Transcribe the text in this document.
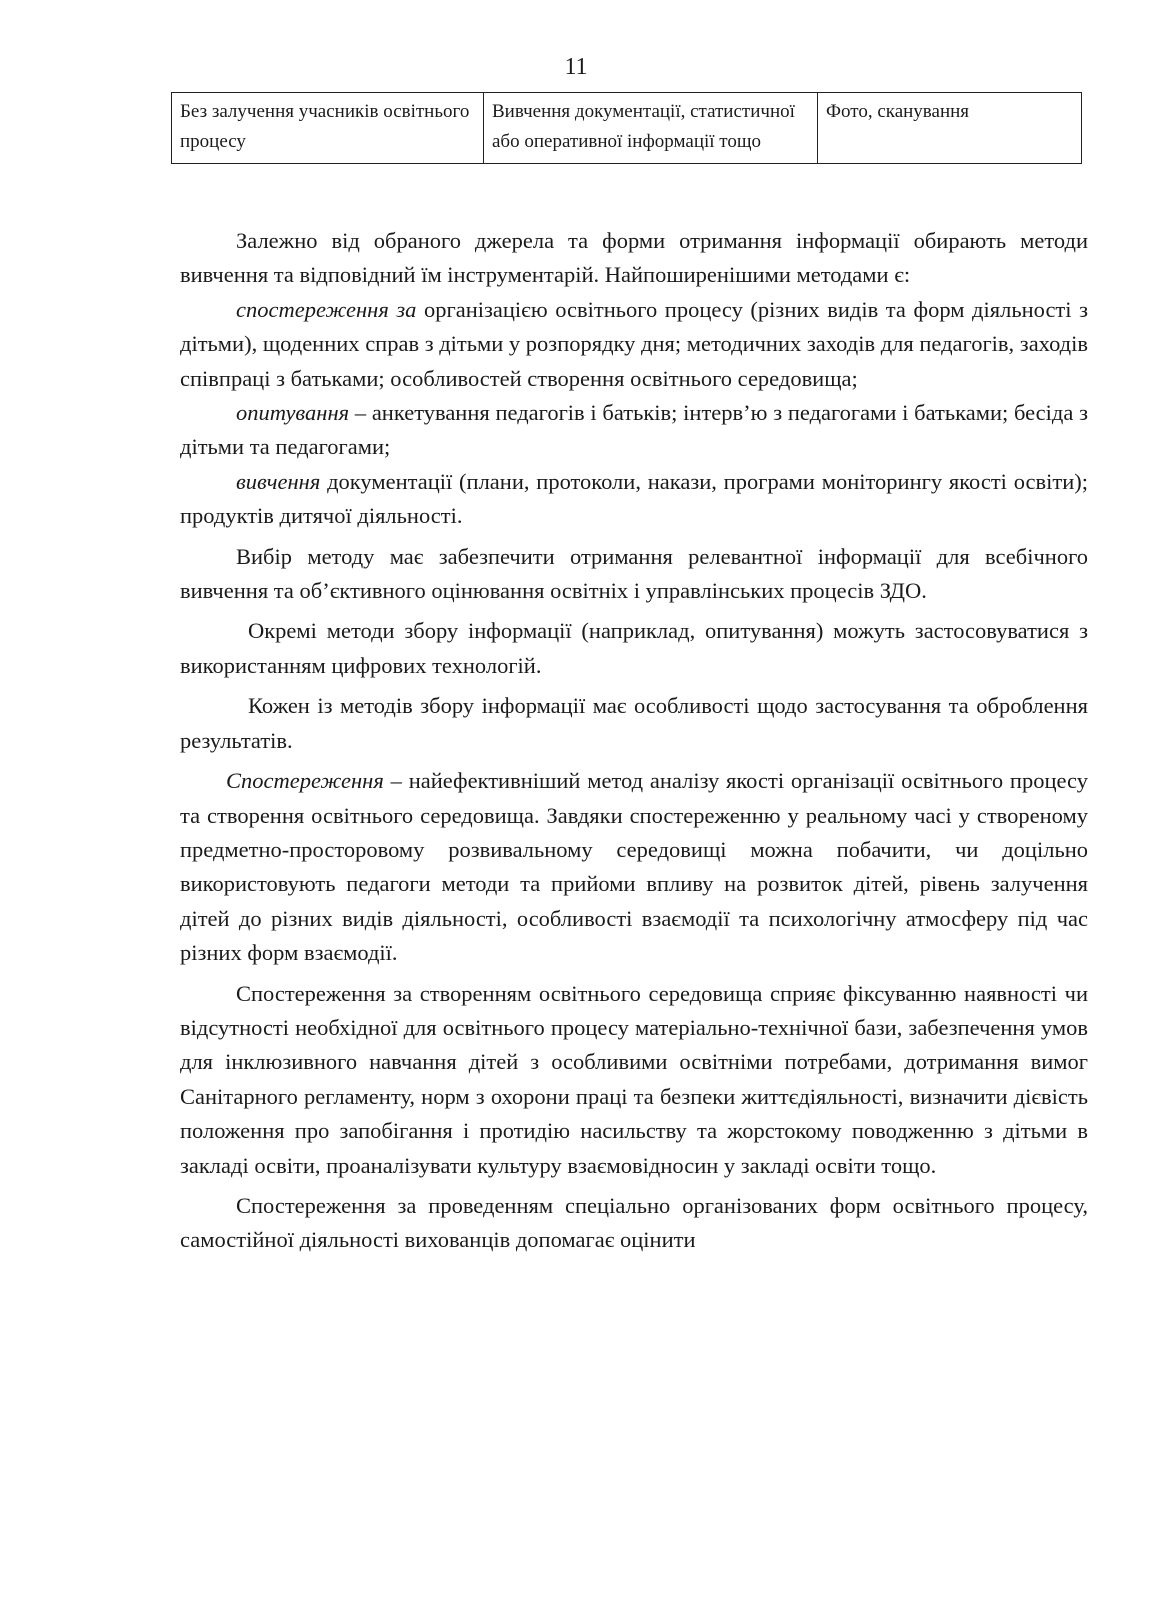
11
Без залучення учасників освітнього процесу	Вивчення документації, статистичної або оперативної інформації тощо	Фото, сканування

Залежно від обраного джерела та форми отримання інформації обирають методи вивчення та відповідний їм інструментарій. Найпоширенішими методами є:

спостереження за організацією освітнього процесу (різних видів та форм діяльності з дітьми), щоденних справ з дітьми у розпорядку дня; методичних заходів для педагогів, заходів співпраці з батьками; особливостей створення освітнього середовища;

опитування – анкетування педагогів і батьків; інтерв’ю з педагогами і батьками; бесіда з дітьми та педагогами;

вивчення документації (плани, протоколи, накази, програми моніторингу якості освіти); продуктів дитячої діяльності.

Вибір методу має забезпечити отримання релевантної інформації для всебічного вивчення та об’єктивного оцінювання освітніх і управлінських процесів ЗДО.

Окремі методи збору інформації (наприклад, опитування) можуть застосовуватися з використанням цифрових технологій.

Кожен із методів збору інформації має особливості щодо застосування та оброблення результатів.

Спостереження – найефективніший метод аналізу якості організації освітнього процесу та створення освітнього середовища. Завдяки спостереженню у реальному часі у створеному предметно-просторовому розвивальному середовищі можна побачити, чи доцільно використовують педагоги методи та прийоми впливу на розвиток дітей, рівень залучення дітей до різних видів діяльності, особливості взаємодії та психологічну атмосферу під час різних форм взаємодії.

Спостереження за створенням освітнього середовища сприяє фіксуванню наявності чи відсутності необхідної для освітнього процесу матеріально-технічної бази, забезпечення умов для інклюзивного навчання дітей з особливими освітніми потребами, дотримання вимог Санітарного регламенту, норм з охорони праці та безпеки життєдіяльності, визначити дієвість положення про запобігання і протидію насильству та жорстокому поводженню з дітьми в закладі освіти, проаналізувати культуру взаємовідносин у закладі освіти тощо.

Спостереження за проведенням спеціально організованих форм освітнього процесу, самостійної діяльності вихованців допомагає оцінити
